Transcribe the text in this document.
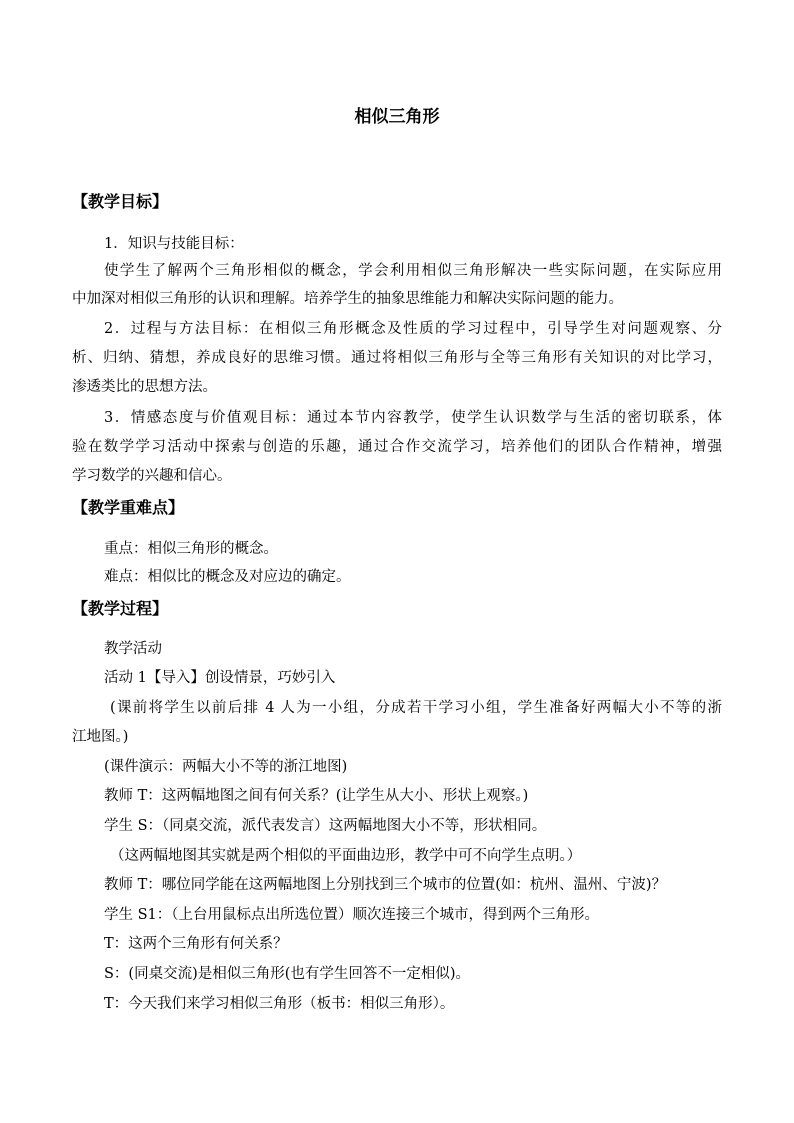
相似三角形
【教学目标】
1．知识与技能目标：
使学生了解两个三角形相似的概念，学会利用相似三角形解决一些实际问题，在实际应用
中加深对相似三角形的认识和理解。培养学生的抽象思维能力和解决实际问题的能力。
2．过程与方法目标：在相似三角形概念及性质的学习过程中，引导学生对问题观察、分
析、归纳、猜想，养成良好的思维习惯。通过将相似三角形与全等三角形有关知识的对比学习，
渗透类比的思想方法。
3．情感态度与价值观目标：通过本节内容教学，使学生认识数学与生活的密切联系，体
验在数学学习活动中探索与创造的乐趣，通过合作交流学习，培养他们的团队合作精神，增强
学习数学的兴趣和信心。
【教学重难点】
重点：相似三角形的概念。
难点：相似比的概念及对应边的确定。
【教学过程】
教学活动
活动 1【导入】创设情景，巧妙引入
(课前将学生以前后排 4 人为一小组，分成若干学习小组，学生准备好两幅大小不等的浙
江地图。)
(课件演示：两幅大小不等的浙江地图)
教师 T：这两幅地图之间有何关系？(让学生从大小、形状上观察。)
学生 S：（同桌交流，派代表发言）这两幅地图大小不等，形状相同。
（这两幅地图其实就是两个相似的平面曲边形，教学中可不向学生点明。）
教师 T：哪位同学能在这两幅地图上分别找到三个城市的位置(如：杭州、温州、宁波)？
学生 S1：（上台用鼠标点出所选位置）顺次连接三个城市，得到两个三角形。
T：这两个三角形有何关系？
S：(同桌交流)是相似三角形(也有学生回答不一定相似)。
T：今天我们来学习相似三角形（板书：相似三角形）。
